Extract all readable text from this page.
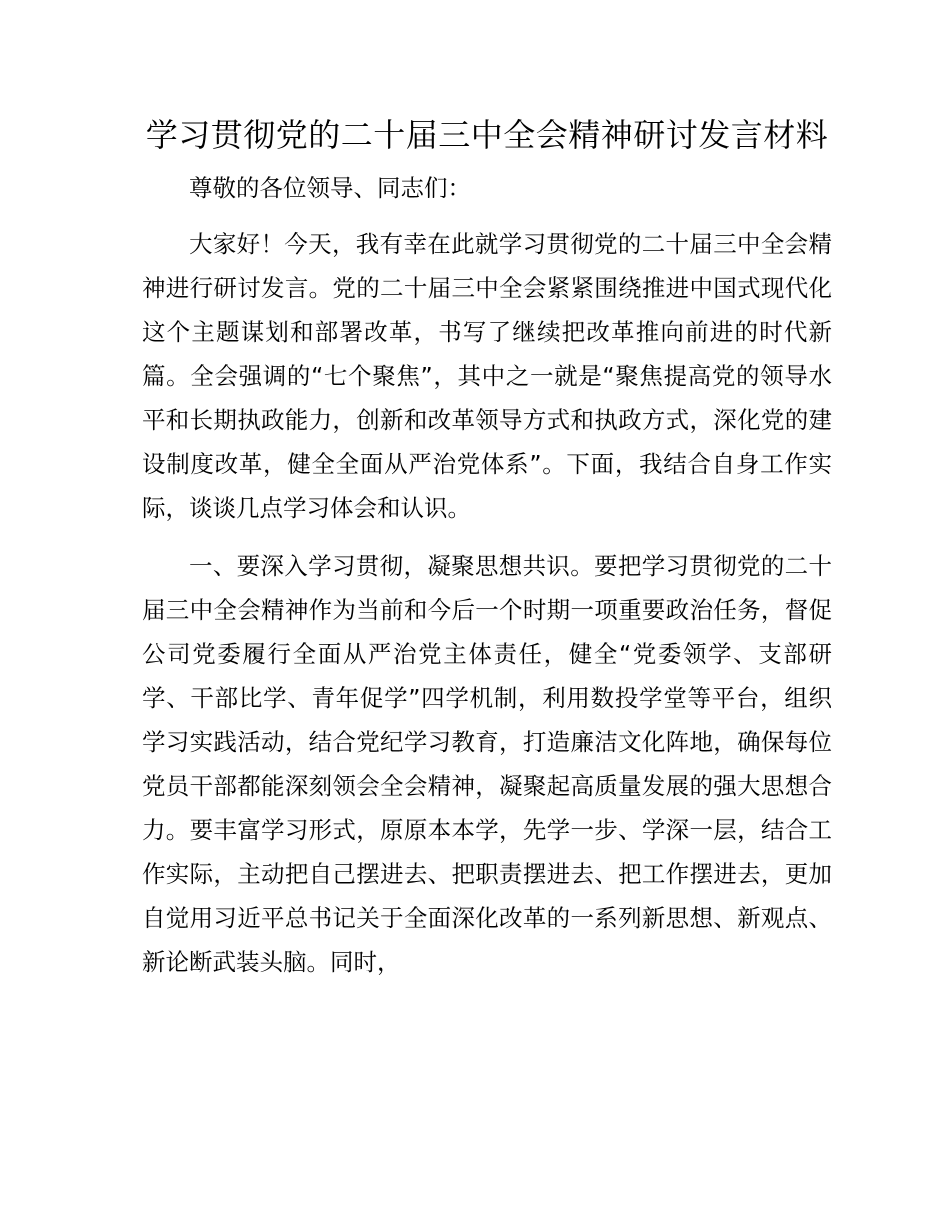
学习贯彻党的二十届三中全会精神研讨发言材料

尊敬的各位领导、同志们：

大家好！今天，我有幸在此就学习贯彻党的二十届三中全会精神进行研讨发言。党的二十届三中全会紧紧围绕推进中国式现代化这个主题谋划和部署改革，书写了继续把改革推向前进的时代新篇。全会强调的“七个聚焦”，其中之一就是“聚焦提高党的领导水平和长期执政能力，创新和改革领导方式和执政方式，深化党的建设制度改革，健全全面从严治党体系”。下面，我结合自身工作实际，谈谈几点学习体会和认识。

一、要深入学习贯彻，凝聚思想共识。要把学习贯彻党的二十届三中全会精神作为当前和今后一个时期一项重要政治任务，督促公司党委履行全面从严治党主体责任，健全“党委领学、支部研学、干部比学、青年促学”四学机制，利用数投学堂等平台，组织学习实践活动，结合党纪学习教育，打造廉洁文化阵地，确保每位党员干部都能深刻领会全会精神，凝聚起高质量发展的强大思想合力。要丰富学习形式，原原本本学，先学一步、学深一层，结合工作实际，主动把自己摆进去、把职责摆进去、把工作摆进去，更加自觉用习近平总书记关于全面深化改革的一系列新思想、新观点、新论断武装头脑。同时，
